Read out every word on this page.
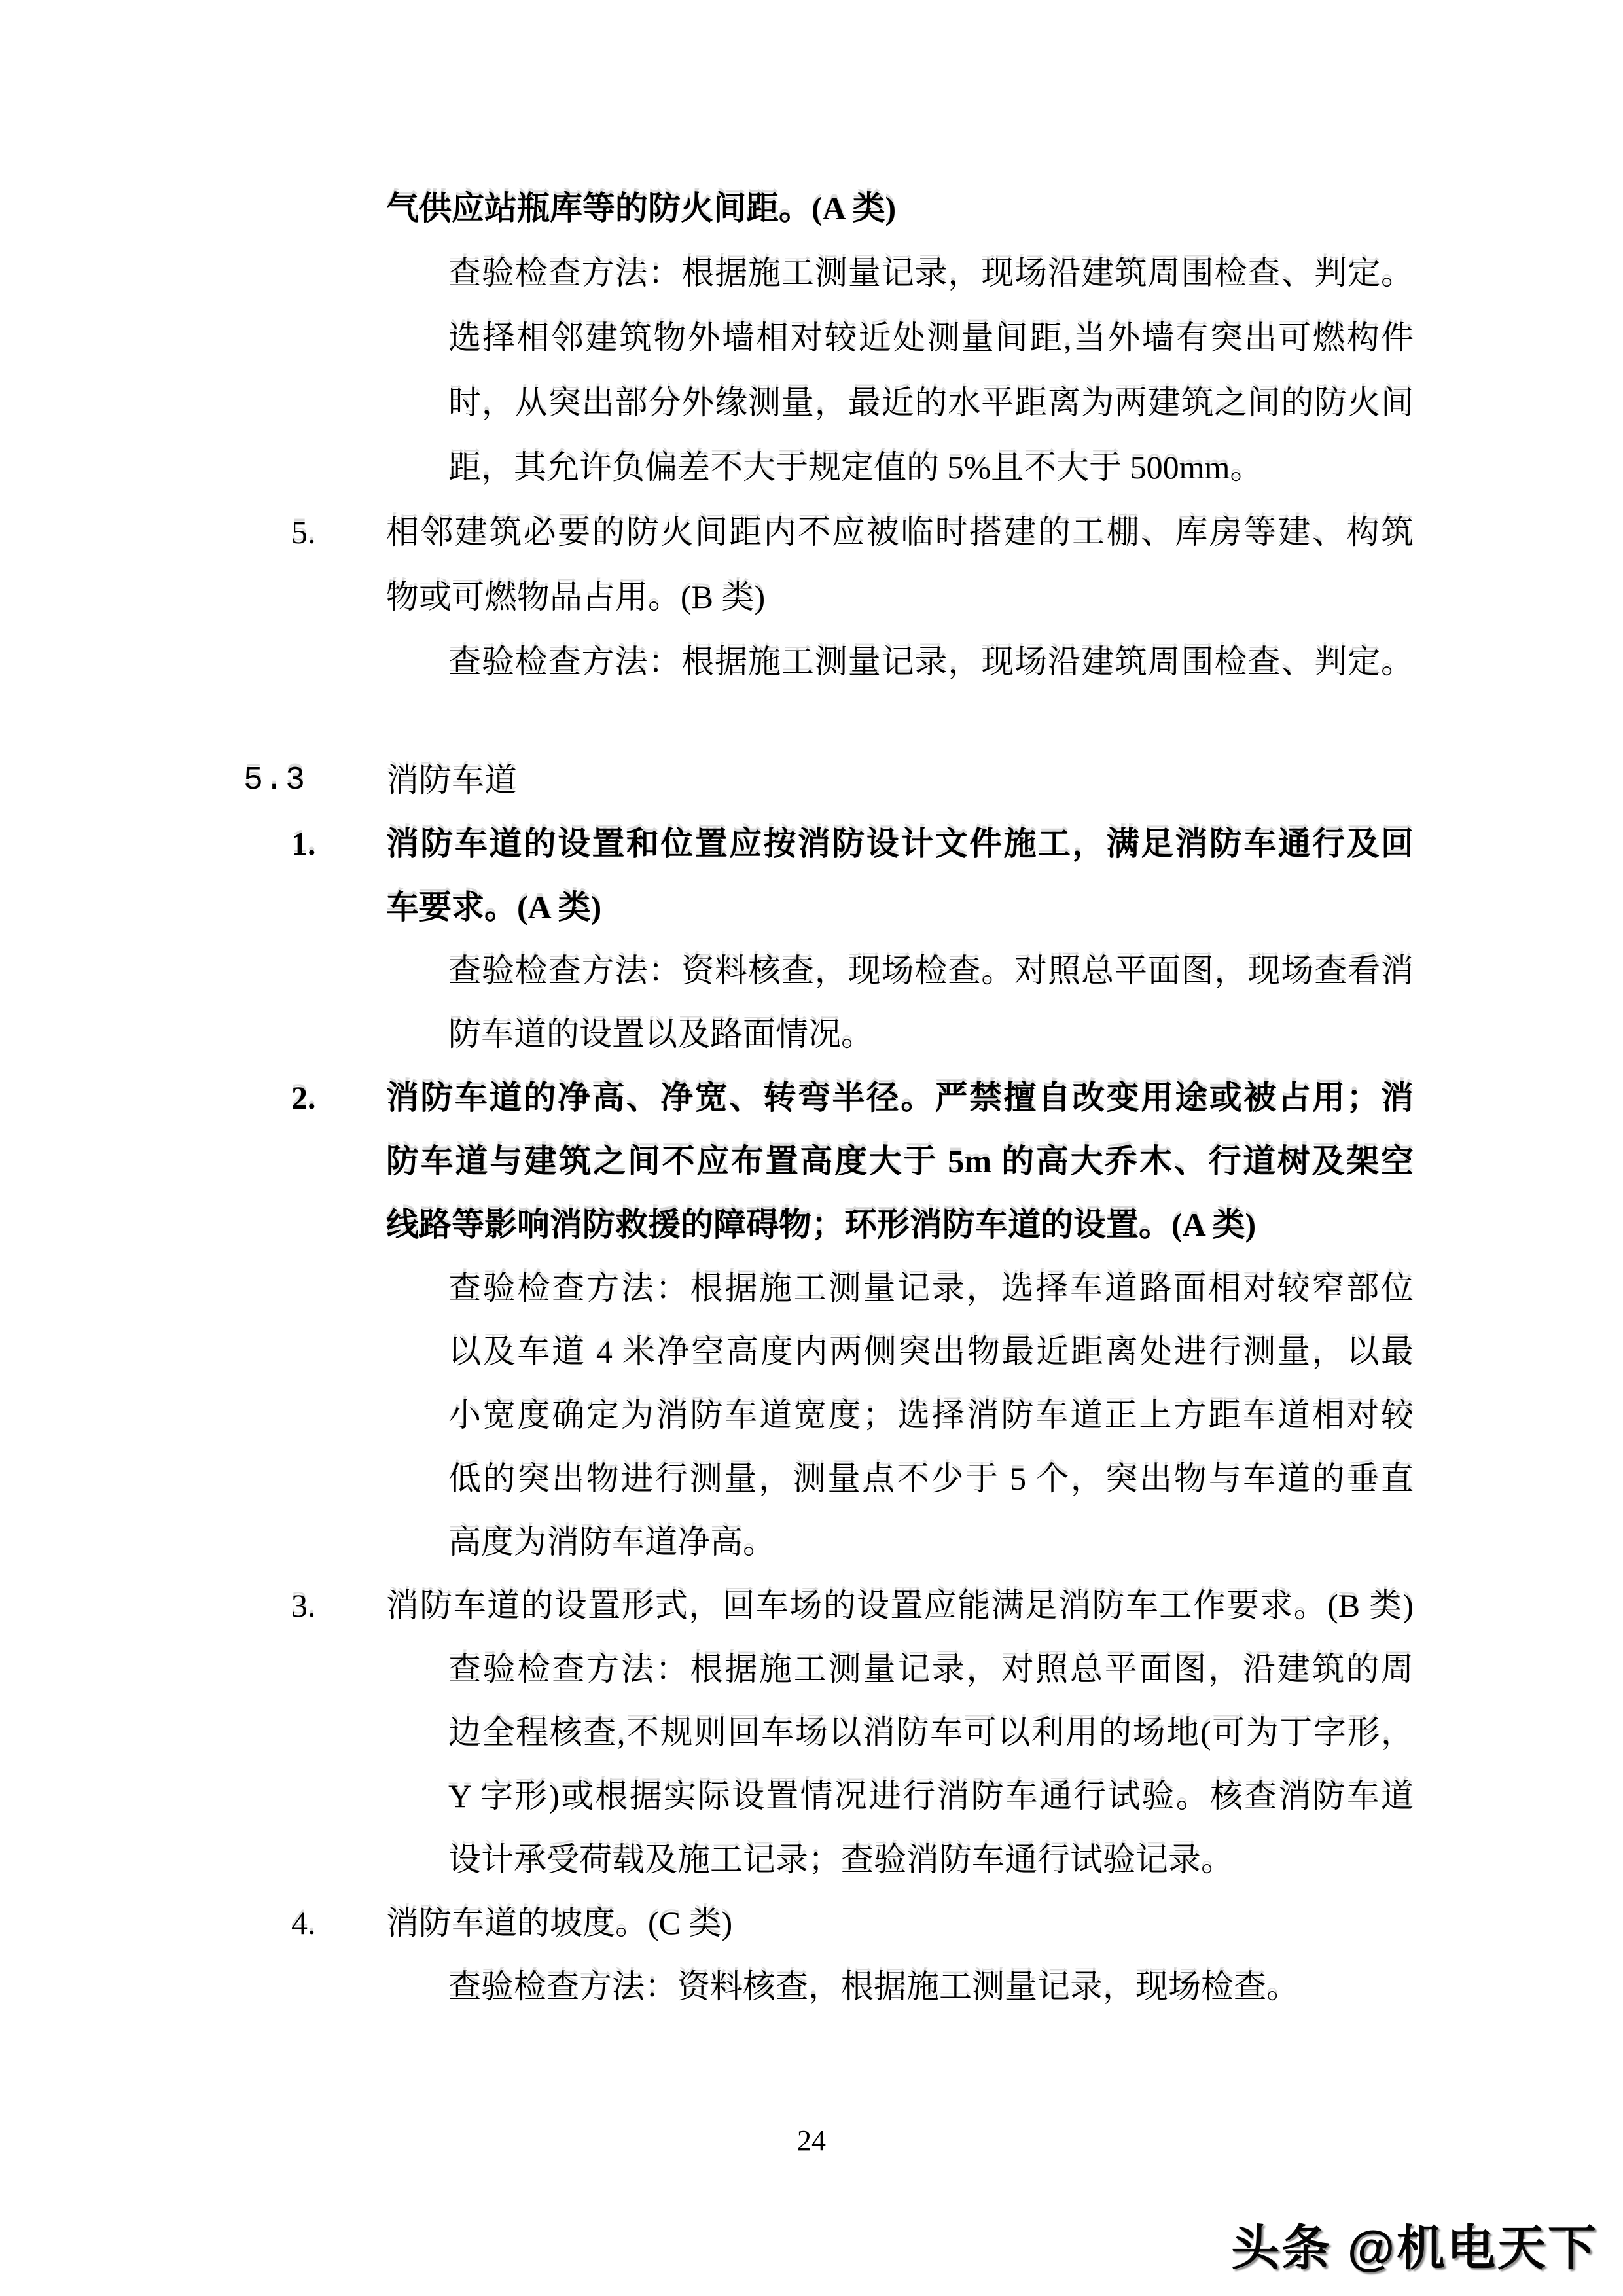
气供应站瓶库等的防火间距。(A 类)
查验检查方法：根据施工测量记录，现场沿建筑周围检查、判定。
选择相邻建筑物外墙相对较近处测量间距,当外墙有突出可燃构件
时，从突出部分外缘测量，最近的水平距离为两建筑之间的防火间
距，其允许负偏差不大于规定值的 5%且不大于 500mm。
5. 相邻建筑必要的防火间距内不应被临时搭建的工棚、库房等建、构筑
物或可燃物品占用。(B 类)
查验检查方法：根据施工测量记录，现场沿建筑周围检查、判定。
5.3 消防车道
1. 消防车道的设置和位置应按消防设计文件施工，满足消防车通行及回
车要求。(A 类)
查验检查方法：资料核查，现场检查。对照总平面图，现场查看消
防车道的设置以及路面情况。
2. 消防车道的净高、净宽、转弯半径。严禁擅自改变用途或被占用；消
防车道与建筑之间不应布置高度大于 5m 的高大乔木、行道树及架空
线路等影响消防救援的障碍物；环形消防车道的设置。(A 类)
查验检查方法：根据施工测量记录，选择车道路面相对较窄部位
以及车道 4 米净空高度内两侧突出物最近距离处进行测量，以最
小宽度确定为消防车道宽度；选择消防车道正上方距车道相对较
低的突出物进行测量，测量点不少于 5 个，突出物与车道的垂直
高度为消防车道净高。
3. 消防车道的设置形式，回车场的设置应能满足消防车工作要求。(B 类)
查验检查方法：根据施工测量记录，对照总平面图，沿建筑的周
边全程核查,不规则回车场以消防车可以利用的场地(可为丁字形，
Y 字形)或根据实际设置情况进行消防车通行试验。核查消防车道
设计承受荷载及施工记录；查验消防车通行试验记录。
4. 消防车道的坡度。(C 类)
查验检查方法：资料核查，根据施工测量记录，现场检查。
24
头条 @机电天下
